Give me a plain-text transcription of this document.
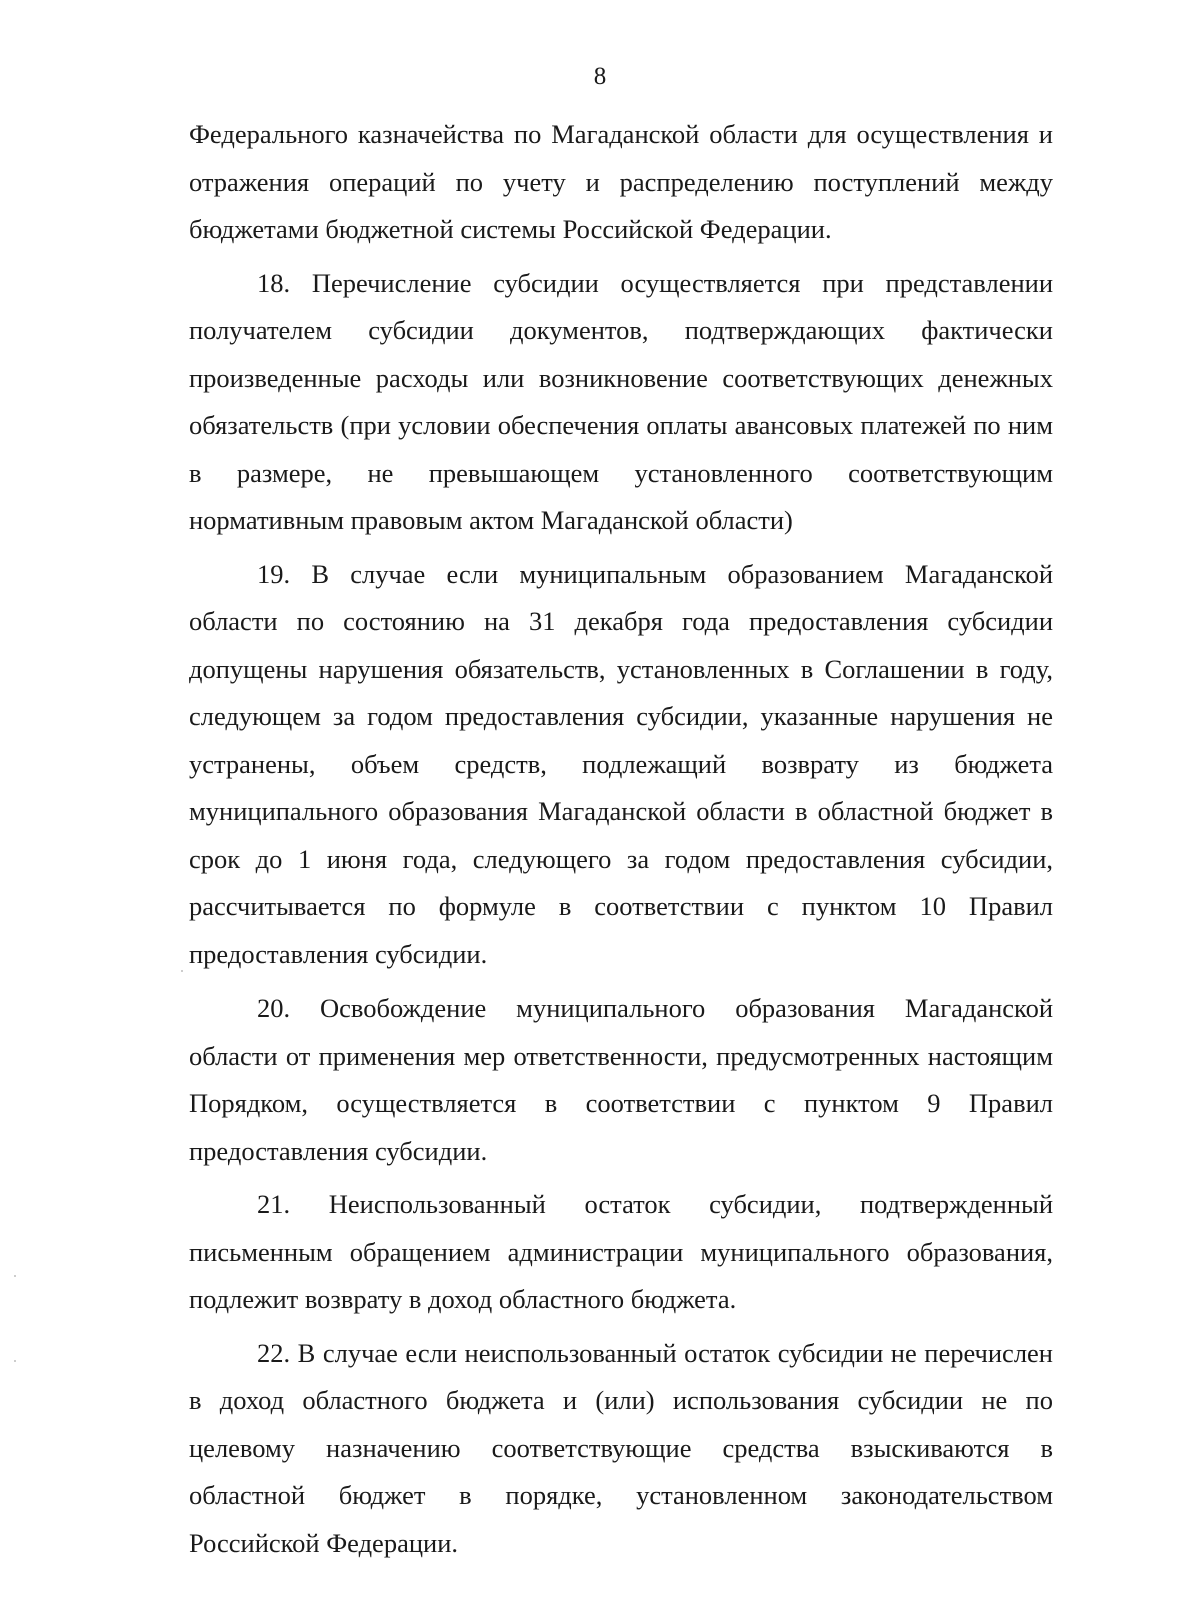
8

Федерального казначейства по Магаданской области для осуществления и отражения операций по учету и распределению поступлений между бюджетами бюджетной системы Российской Федерации.

18. Перечисление субсидии осуществляется при представлении получателем субсидии документов, подтверждающих фактически произведенные расходы или возникновение соответствующих денежных обязательств (при условии обеспечения оплаты авансовых платежей по ним в размере, не превышающем установленного соответствующим нормативным правовым актом Магаданской области)

19. В случае если муниципальным образованием Магаданской области по состоянию на 31 декабря года предоставления субсидии допущены нарушения обязательств, установленных в Соглашении в году, следующем за годом предоставления субсидии, указанные нарушения не устранены, объем средств, подлежащий возврату из бюджета муниципального образования Магаданской области в областной бюджет в срок до 1 июня года, следующего за годом предоставления субсидии, рассчитывается по формуле в соответствии с пунктом 10 Правил предоставления субсидии.

20. Освобождение муниципального образования Магаданской области от применения мер ответственности, предусмотренных настоящим Порядком, осуществляется в соответствии с пунктом 9 Правил предоставления субсидии.

21. Неиспользованный остаток субсидии, подтвержденный письменным обращением администрации муниципального образования, подлежит возврату в доход областного бюджета.

22. В случае если неиспользованный остаток субсидии не перечислен в доход областного бюджета и (или) использования субсидии не по целевому назначению соответствующие средства взыскиваются в областной бюджет в порядке, установленном законодательством Российской Федерации.
